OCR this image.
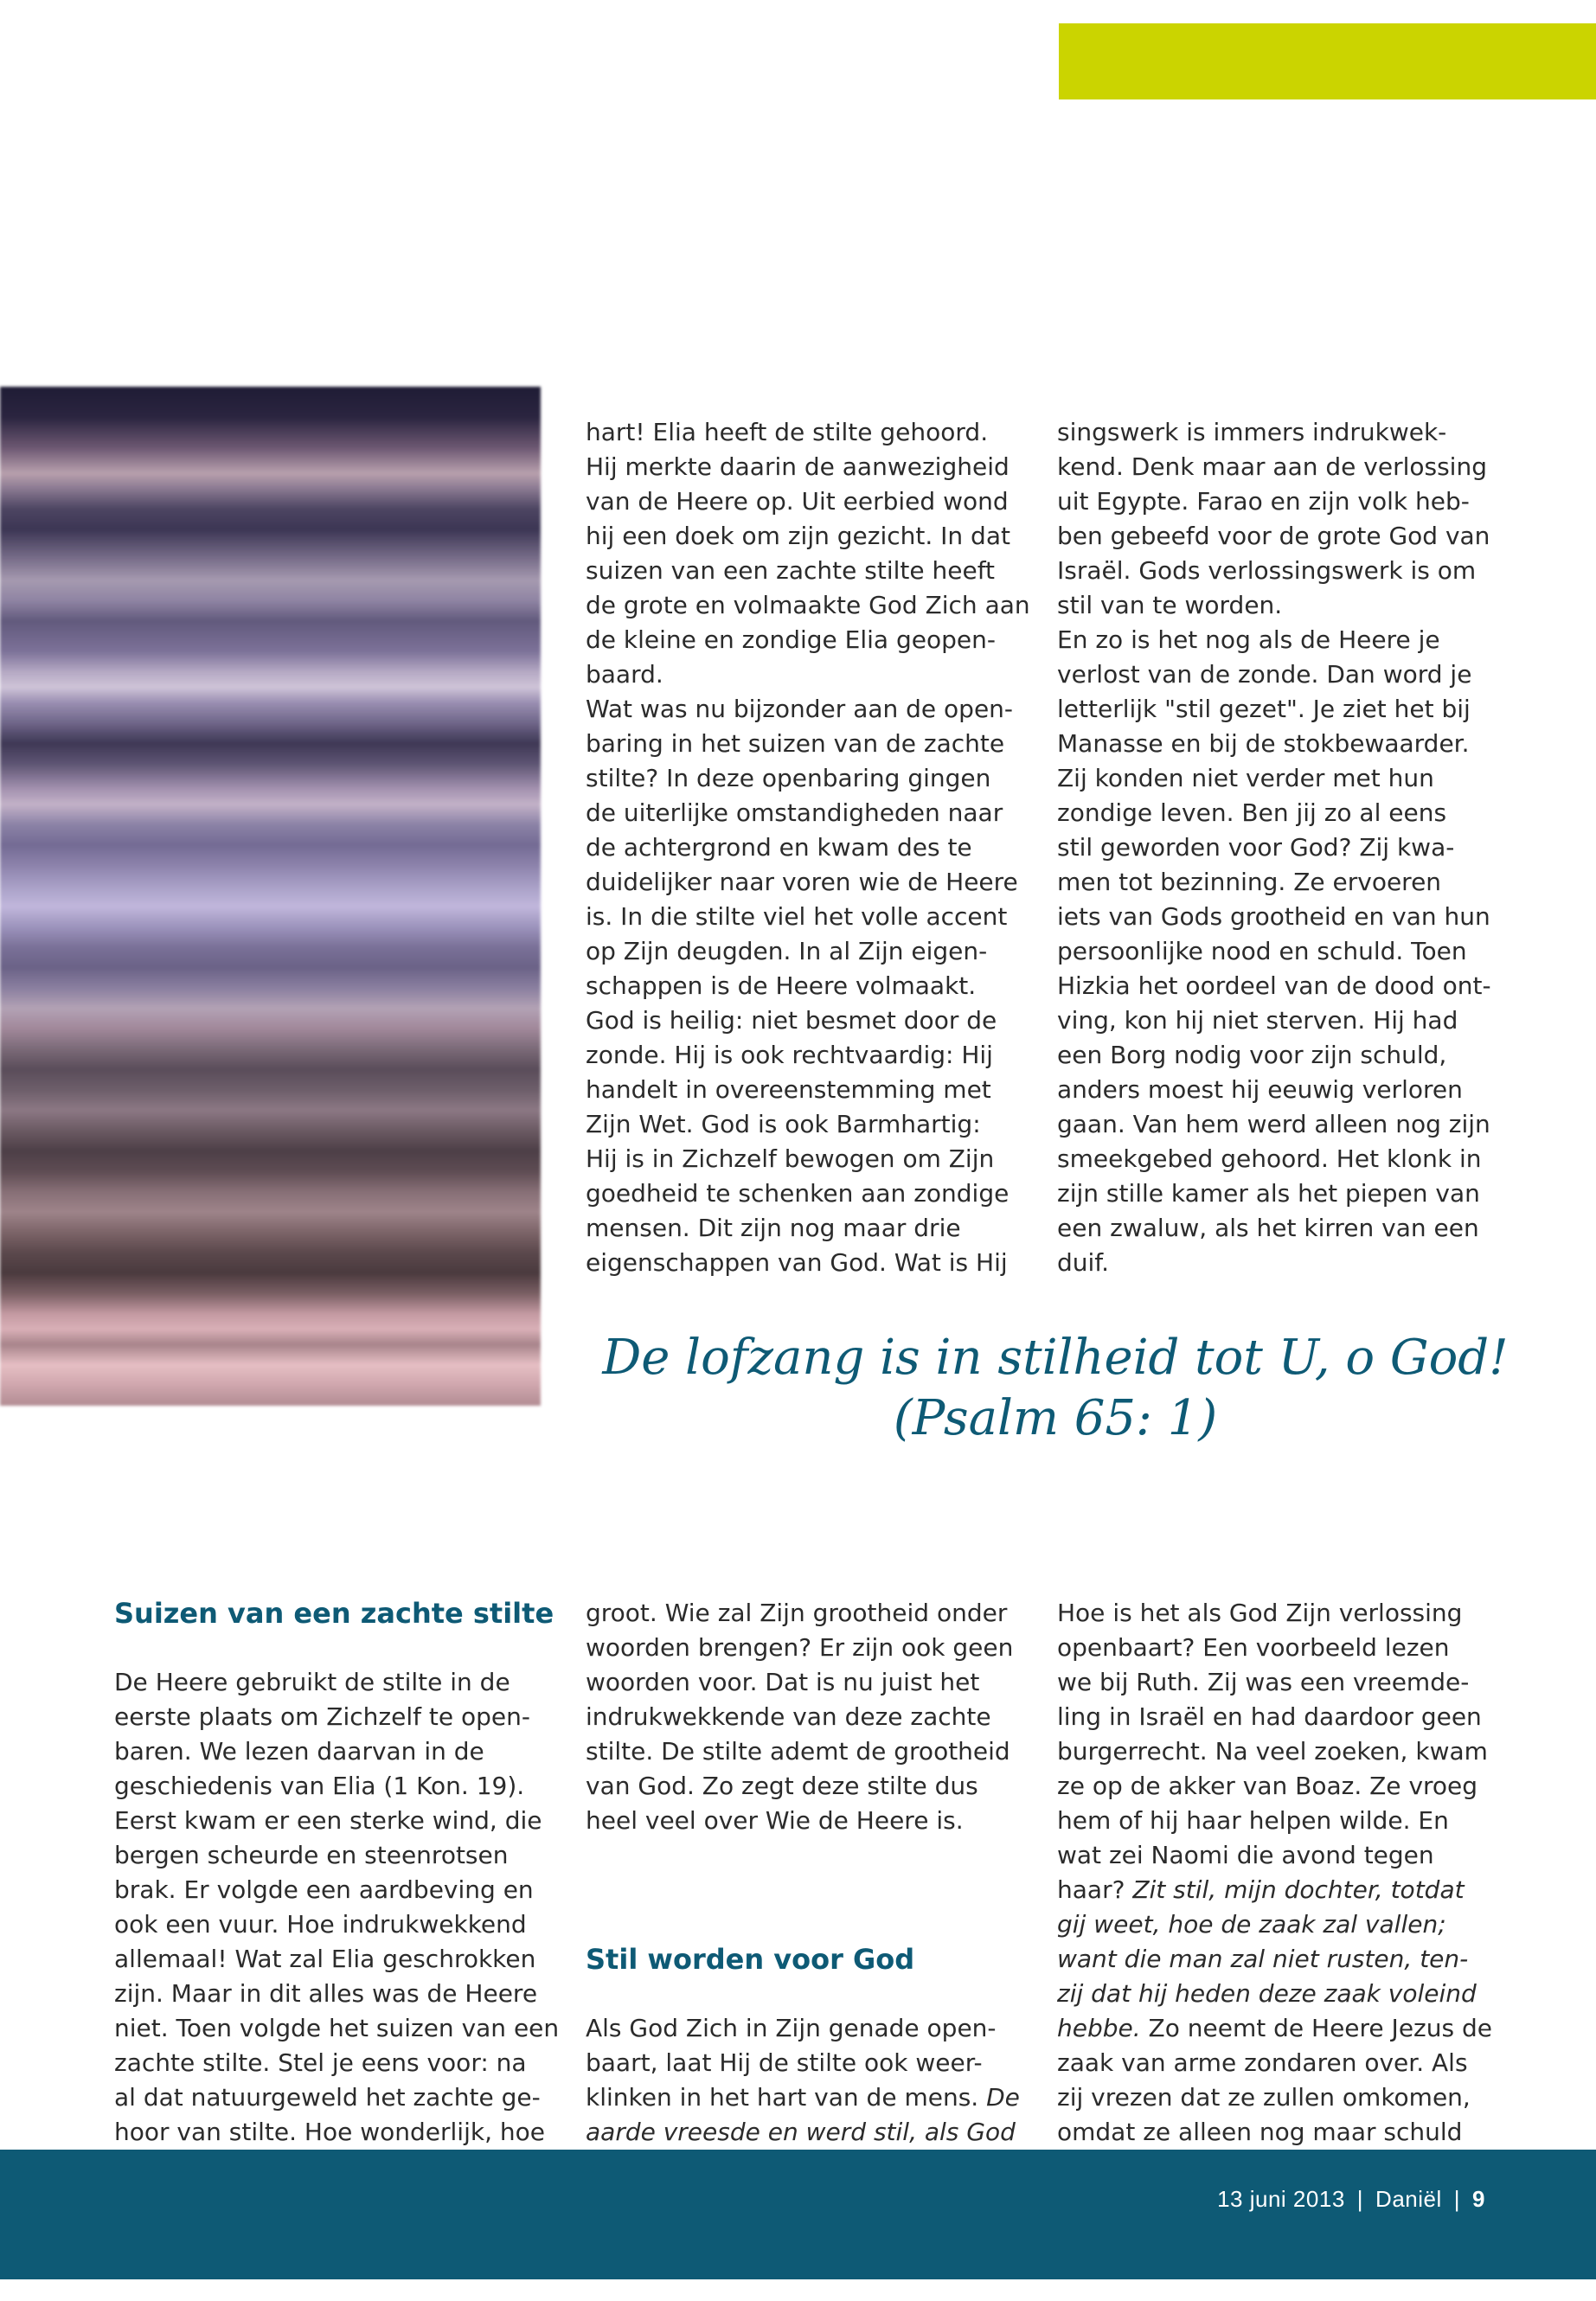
hart! Elia heeft de stilte gehoord.
Hij merkte daarin de aanwezigheid
van de Heere op. Uit eerbied wond
hij een doek om zijn gezicht. In dat
suizen van een zachte stilte heeft
de grote en volmaakte God Zich aan
de kleine en zondige Elia geopen-
baard.
Wat was nu bijzonder aan de open-
baring in het suizen van de zachte
stilte? In deze openbaring gingen
de uiterlijke omstandigheden naar
de achtergrond en kwam des te
duidelijker naar voren wie de Heere
is. In die stilte viel het volle accent
op Zijn deugden. In al Zijn eigen-
schappen is de Heere volmaakt.
God is heilig: niet besmet door de
zonde. Hij is ook rechtvaardig: Hij
handelt in overeenstemming met
Zijn Wet. God is ook Barmhartig:
Hij is in Zichzelf bewogen om Zijn
goedheid te schenken aan zondige
mensen. Dit zijn nog maar drie
eigenschappen van God. Wat is Hij

singswerk is immers indrukwek-
kend. Denk maar aan de verlossing
uit Egypte. Farao en zijn volk heb-
ben gebeefd voor de grote God van
Israël. Gods verlossingswerk is om
stil van te worden.
En zo is het nog als de Heere je
verlost van de zonde. Dan word je
letterlijk "stil gezet". Je ziet het bij
Manasse en bij de stokbewaarder.
Zij konden niet verder met hun
zondige leven. Ben jij zo al eens
stil geworden voor God? Zij kwa-
men tot bezinning. Ze ervoeren
iets van Gods grootheid en van hun
persoonlijke nood en schuld. Toen
Hizkia het oordeel van de dood ont-
ving, kon hij niet sterven. Hij had
een Borg nodig voor zijn schuld,
anders moest hij eeuwig verloren
gaan. Van hem werd alleen nog zijn
smeekgebed gehoord. Het klonk in
zijn stille kamer als het piepen van
een zwaluw, als het kirren van een
duif.

De lofzang is in stilheid tot U, o God!
(Psalm 65: 1)

Suizen van een zachte stilte

De Heere gebruikt de stilte in de
eerste plaats om Zichzelf te open-
baren. We lezen daarvan in de
geschiedenis van Elia (1 Kon. 19).
Eerst kwam er een sterke wind, die
bergen scheurde en steenrotsen
brak. Er volgde een aardbeving en
ook een vuur. Hoe indrukwekkend
allemaal! Wat zal Elia geschrokken
zijn. Maar in dit alles was de Heere
niet. Toen volgde het suizen van een
zachte stilte. Stel je eens voor: na
al dat natuurgeweld het zachte ge-
hoor van stilte. Hoe wonderlijk, hoe

groot. Wie zal Zijn grootheid onder
woorden brengen? Er zijn ook geen
woorden voor. Dat is nu juist het
indrukwekkende van deze zachte
stilte. De stilte ademt de grootheid
van God. Zo zegt deze stilte dus
heel veel over Wie de Heere is.

Stil worden voor God

Als God Zich in Zijn genade open-
baart, laat Hij de stilte ook weer-
klinken in het hart van de mens. De
aarde vreesde en werd stil, als God

Hoe is het als God Zijn verlossing
openbaart? Een voorbeeld lezen
we bij Ruth. Zij was een vreemde-
ling in Israël en had daardoor geen
burgerrecht. Na veel zoeken, kwam
ze op de akker van Boaz. Ze vroeg
hem of hij haar helpen wilde. En
wat zei Naomi die avond tegen
haar? Zit stil, mijn dochter, totdat
gij weet, hoe de zaak zal vallen;
want die man zal niet rusten, ten-
zij dat hij heden deze zaak voleind
hebbe. Zo neemt de Heere Jezus de
zaak van arme zondaren over. Als
zij vrezen dat ze zullen omkomen,
omdat ze alleen nog maar schuld

13 juni 2013 | Daniël | 9
